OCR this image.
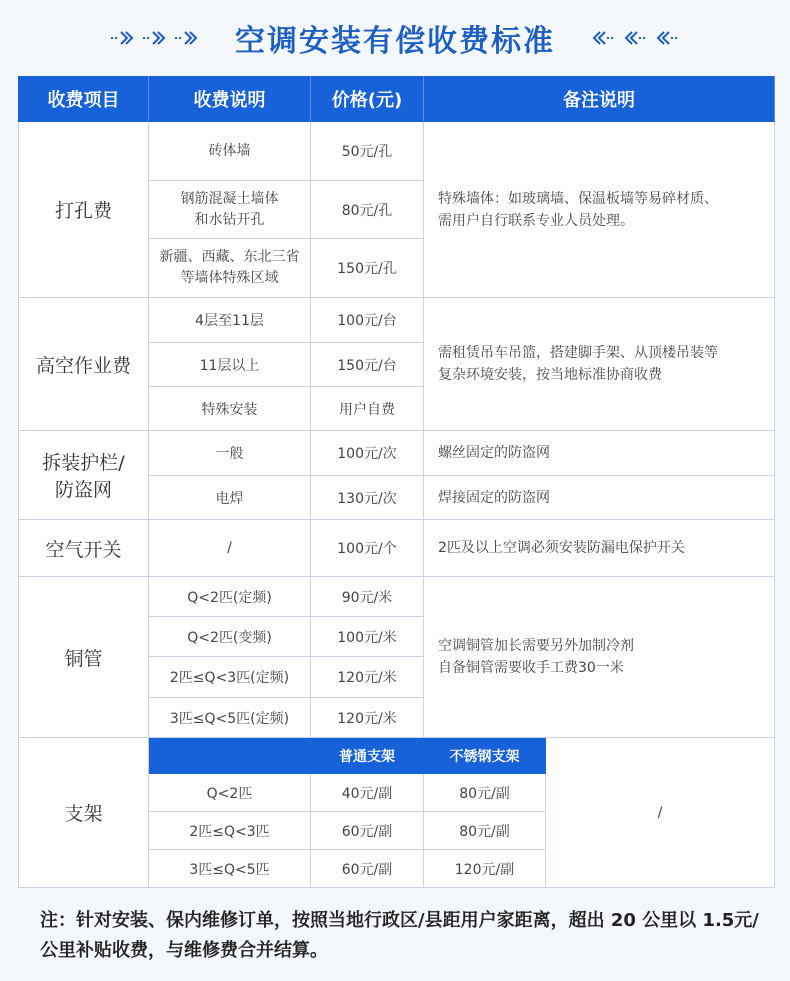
空调安装有偿收费标准
收费项目	收费说明	价格(元)	备注说明	
打孔费	砖体墙	50元/孔	特殊墙体：如玻璃墙、保温板墙等易碎材质、
需用户自行联系专业人员处理。	
	钢筋混凝土墙体
和水钻开孔	80元/孔		
	新疆、西藏、东北三省
等墙体特殊区域	150元/孔		
高空作业费	4层至11层	100元/台	需租赁吊车吊篮，搭建脚手架、从顶楼吊装等
复杂环境安装，按当地标准协商收费	
	11层以上	150元/台		
	特殊安装	用户自费		
拆装护栏/
防盗网	一般	100元/次	螺丝固定的防盗网	
	电焊	130元/次	焊接固定的防盗网	
空气开关	/	100元/个	2匹及以上空调必须安装防漏电保护开关	
铜管	Q<2匹(定频)	90元/米	空调铜管加长需要另外加制冷剂
自备铜管需要收手工费30一米	
	Q<2匹(变频)	100元/米		
	2匹≤Q<3匹(定频)	120元/米		
	3匹≤Q<5匹(定频)	120元/米		
支架		普通支架	不锈钢支架	/
	Q<2匹	40元/副	80元/副	
	2匹≤Q<3匹	60元/副	80元/副	
	3匹≤Q<5匹	60元/副	120元/副	
注：针对安装、保内维修订单，按照当地行政区/县距用户家距离，超出 20 公里以 1.5元/公里补贴收费，与维修费合并结算。
